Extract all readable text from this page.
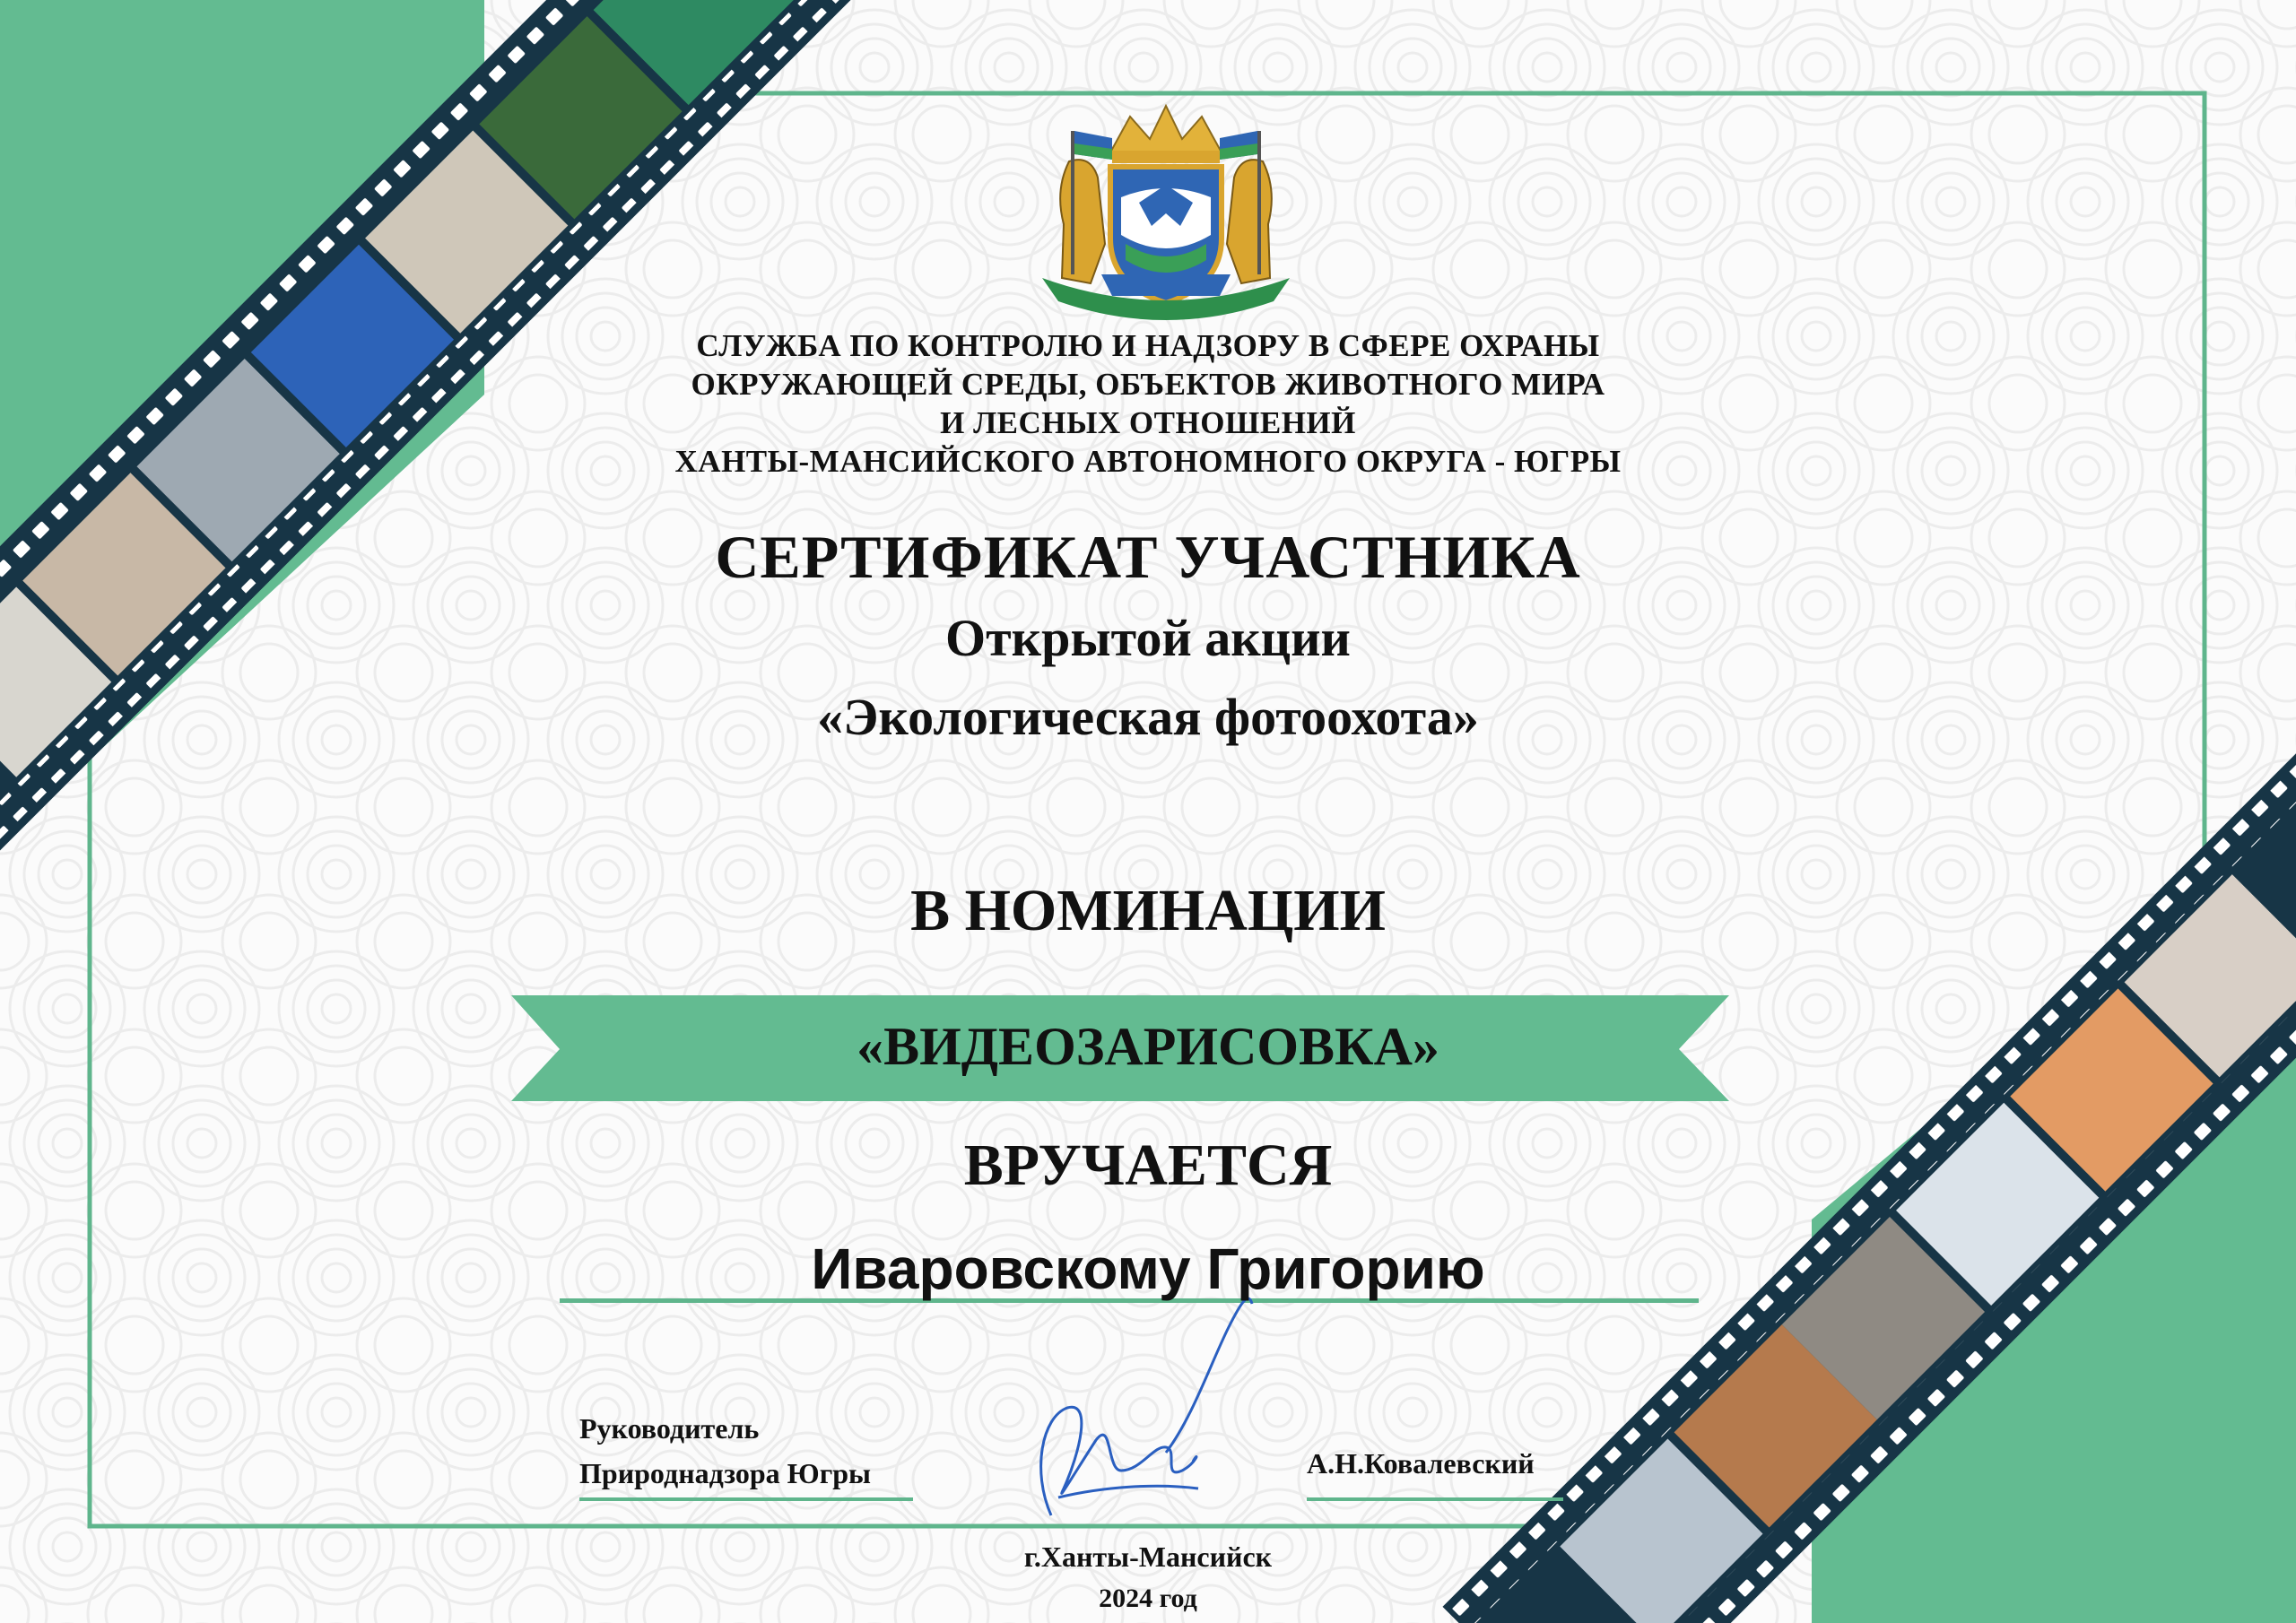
СЛУЖБА ПО КОНТРОЛЮ И НАДЗОРУ В СФЕРЕ ОХРАНЫ
ОКРУЖАЮЩЕЙ СРЕДЫ, ОБЪЕКТОВ ЖИВОТНОГО МИРА
И ЛЕСНЫХ ОТНОШЕНИЙ
ХАНТЫ-МАНСИЙСКОГО АВТОНОМНОГО ОКРУГА - ЮГРЫ
СЕРТИФИКАТ УЧАСТНИКА
Открытой акции
«Экологическая фотоохота»
В НОМИНАЦИИ
«ВИДЕОЗАРИСОВКА»
ВРУЧАЕТСЯ
Иваровскому Григорию
Руководитель
Природнадзора Югры	А.Н.Ковалевский
г.Ханты-Мансийск
2024 год
